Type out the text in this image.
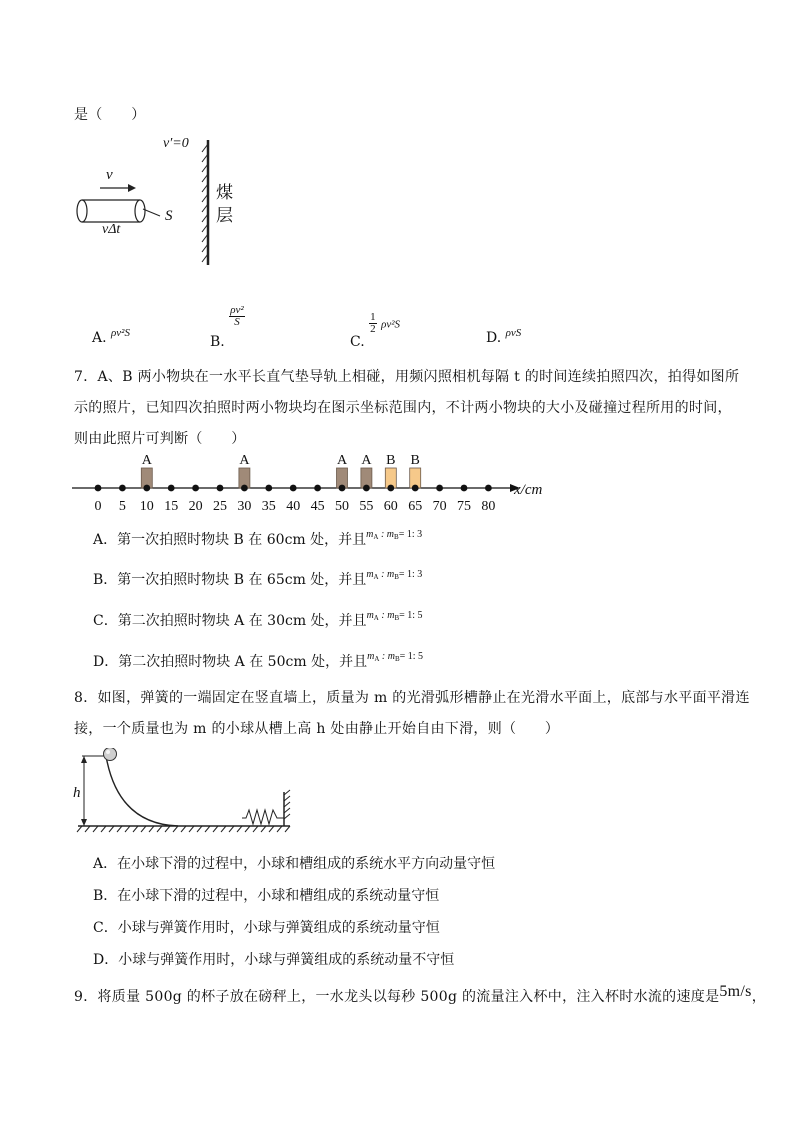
是（　　）
v′=0
v
vΔt
S
煤
层
A. $^{\rho v^2S}$
B.
$\frac{\text{ρv²}}{S}$
C.
$\frac{1}{2} \rho v^2S$
D. $^{\rho vS}$
7．A、B 两小物块在一水平长直气垫导轨上相碰，用频闪照相机每隔 t 的时间连续拍照四次，拍得如图所
示的照片，已知四次拍照时两小物块均在图示坐标范围内，不计两小物块的大小及碰撞过程所用的时间，
则由此照片可判断（　　）
A	A	A A B B
0 5 10 15 20 25 30 35 40 45 50 55 60 65 70 75 80
x/cm
A．第一次拍照时物块 B 在 60cm 处，并且$^{m_A : m_B= 1: 3}$
B．第一次拍照时物块 B 在 65cm 处，并且$^{m_A : m_B= 1: 3}$
C．第二次拍照时物块 A 在 30cm 处，并且$^{m_A : m_B= 1: 5}$
D．第二次拍照时物块 A 在 50cm 处，并且$^{m_A : m_B= 1: 5}$
8．如图，弹簧的一端固定在竖直墙上，质量为 m 的光滑弧形槽静止在光滑水平面上，底部与水平面平滑连
接，一个质量也为 m 的小球从槽上高 h 处由静止开始自由下滑，则（　　）
h
A．在小球下滑的过程中，小球和槽组成的系统水平方向动量守恒
B．在小球下滑的过程中，小球和槽组成的系统动量守恒
C．小球与弹簧作用时，小球与弹簧组成的系统动量守恒
D．小球与弹簧作用时，小球与弹簧组成的系统动量不守恒
9．将质量 500g 的杯子放在磅秤上，一水龙头以每秒 500g 的流量注入杯中，注入杯时水流的速度是5m/s，
